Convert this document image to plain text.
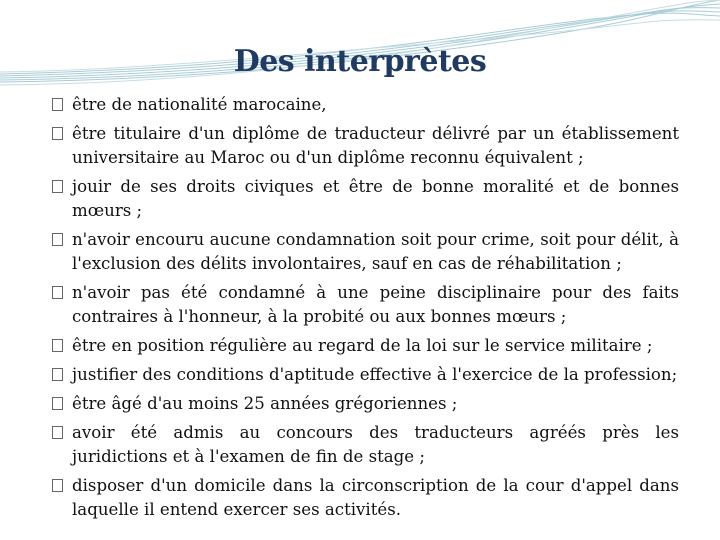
Des interprètes
être de nationalité marocaine,
être titulaire d'un diplôme de traducteur délivré par un établissement universitaire au Maroc ou d'un diplôme reconnu équivalent ;
jouir de ses droits civiques et être de bonne moralité et de bonnes mœurs ;
n'avoir encouru aucune condamnation soit pour crime, soit pour délit, à l'exclusion des délits involontaires, sauf en cas de réhabilitation ;
n'avoir pas été condamné à une peine disciplinaire pour des faits contraires à l'honneur, à la probité ou aux bonnes mœurs ;
être en position régulière au regard de la loi sur le service militaire ;
justifier des conditions d'aptitude effective à l'exercice de la profession;
être âgé d'au moins 25 années grégoriennes ;
avoir été admis au concours des traducteurs agréés près les juridictions et à l'examen de fin de stage ;
disposer d'un domicile dans la circonscription de la cour d'appel dans laquelle il entend exercer ses activités.
